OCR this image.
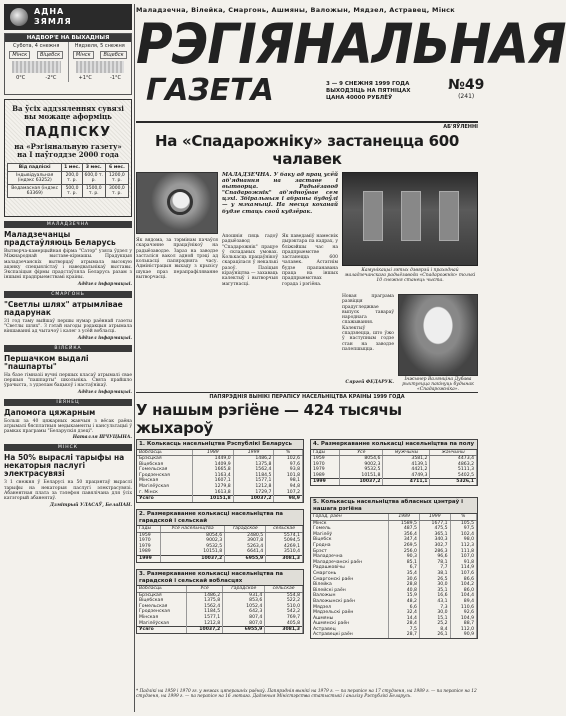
АДНА
ЗЯМЛЯ
НАДВОР'Е НА ВЫХАДНЫЯ
Субота, 4 снежня
Мінск	Віцебск
0°С	-2°С
Нядзеля, 5 снежня
Мінск	Віцебск
+1°С	-1°С
Ва ўсіх аддзяленнях сувязі
вы можаце аформіць
ПАДПІСКУ
на «Рэгіянальную газету»
на I паўгоддзе 2000 года
Від падпіскі	1 мес.	3 мес.	6 мес.
Індывідуальная (індэкс 63252)	200,0 т. р.	600,0 т. р.	1200,0 т. р.
Ведамасная (індэкс 63369)	500,0 т. р.	1500,0 т. р.	3000,0 т. р.
МАЛАДЗЕЧНА
Маладзечанцы прадстаўляюць Беларусь
Вытворча-камерцыйная фірма "Сатор" узяла ўдзел у Міжнароднай выставе-кірмашы. Прадукцыя маладзечанскіх вытворцаў атрымала высокую ацэнку спецыялістаў і наведвальнікаў выставы. Экспазіцыя фірмы прадстаўляла Беларусь разам з іншымі прадпрыемствамі краіны.
Аддзел інфармацыі.
СМАРГОНЬ
"Светлы шлях" атрымлівае падарунак
31 год таму выйшаў першы нумар раённай газеты "Светлы шлях". З гэтай нагоды рэдакцыя атрымала віншаванні ад чытачоў і калег з усёй вобласці.
Аддзел інфармацыі.
ВІЛЕЙКА
Першачком выдалі "пашпарты"
На базе гімназіі вучні першых класаў атрымалі свае першыя "пашпарты" школьніка. Свята прайшло ўрачыста, з удзелам бацькоў і настаўнікаў.
Аддзел інфармацыі.
ІВЯНЕЦ
Дапомога цяжарным
Больш за 40 цяжарных жанчын з вёсак раёна атрымалі бясплатныя медыкаменты і кансультацыі ў рамках праграмы "Беларускія дзеці".
Наталля ШЧУЦЫНА.
МІНСК
На 50% выраслі тарыфы на некаторыя паслугі электрасувязі
З 1 снежня ў Беларусі на 50 працэнтаў выраслі тарыфы на некаторыя паслугі электрасувязі. Абанентная плата за тэлефон павялічана для ўсіх катэгорый абанентаў.
Дзмітрый УЛАСАЎ, БелаПАН.
Маладзечна, Вілейка, Смаргонь, Ашмяны, Валожын, Мядзел, Астравец, Мінск
РЭГІЯНАЛЬНАЯ
ГАЗЕТА	3 — 9 СНЕЖНЯ 1999 ГОДА
ВЫХОДЗІЦЬ НА ПЯТНІЦАХ
ЦАНА 40000 РУБЛЁЎ
№49
(241)
АБ'ЯЎЛЕННІ
На «Спадарожніку» застанецца 600 чалавек
МАЛАДЗЕЧНА. У баку ад прац усёй аб'яднання на заставе і вытворца. Радыёзавод "Спадарожнік" аб'ядноўвае сем цэхі. Збіральныя і абраны будоўлі — у мэхамыці. На месца коханай будзе стаць свой кудзёрак.
Як вядома, за тэрмінам пачаўся скарачэнне працаўнікоў на радыёзаводзе. Зараз на заводзе засталіся вакол адной трэці ад колькасці папярэдняга часу. Адміністрацыя выхаду з крызісу шукае праз перапрафіляванне вытворчасці.
Апошнія пяць гадоў радыёзавод "Спадарожнік" працуе ў складаных умовах. Колькасць працаўнікоў скарацілася ў некалькі разоў. Пазіцыя кіраўніцтва — захаваць калектыў і вытворчыя магутнасці.
Як паведаміў намеснік дырэктара па кадрах, у бліжэйшы час на прадпрыемстве застанецца 600 чалавек. Астатнім будзе прапанавана праца на іншых прадпрыемствах горада і рэгіёна.
Камунікацыі гэтых дзвярэй і праходнай маладзечанскага радыёзавода «Спадарожнік» толькі 10 снежня станець чыста.
Новая праграма развіцця прадугледжвае выпуск тавараў народнага спажывання. Калектыў спадзяецца, што ўжо ў наступным годзе стан на заводзе палепшыцца.
Сяргей ФЕДАРУК.
Інжынер Валянціна Дубава рыхтуецца пакінуць будынак «Спадарожніка».
ПАПЯРЭДНІЯ ВЫНІКІ ПЕРАПІСУ НАСЕЛЬНІЦТВА КРАІНЫ 1999 ГОДА
У нашым рэгіёне — 424 тысячы жыхароў
1. Колькасць насельніцтва Рэспублікі Беларусь
Вобласць	1989	1999	%
Брэсцкая	1449,0	1486,2	102,6
Віцебская	1409,9	1375,8	97,6
Гомельская	1665,8	1562,4	93,8
Гродзенская	1163,4	1184,5	101,8
Мінская	1607,1	1577,1	98,1
Магілёўская	1279,8	1212,8	94,8
г. Мінск	1613,8	1729,7	107,2
Усяго	10151,8	10037,2	98,9
2. Размеркаванне колькасці насельніцтва па гарадской і сельскай
Гады	Усё насельніцтва	гарадское	сельскае
1959	8054,6	2480,5	5574,1
1970	9002,3	3907,8	5094,5
1979	9532,5	5263,4	4269,1
1989	10151,8	6641,4	3510,4
1999	10037,2	6955,9	3081,3
3. Размеркаванне колькасці насельніцтва па гарадской і сельскай вобласцях
Вобласць	Усё	гарадское	сельскае
Брэсцкая	1486,2	931,4	554,8
Віцебская	1375,8	853,6	522,2
Гомельская	1562,4	1052,4	510,0
Гродзенская	1184,5	642,3	542,2
Мінская	1577,1	807,4	769,7
Магілёўская	1212,8	807,0	405,8
Усяго	10037,2	6955,9	3081,3
4. Размеркаванне колькасці насельніцтва па полу
Гады	Усё	мужчыны	жанчыны
1959	8054,6	3581,2	4473,4
1970	9002,3	4139,1	4863,2
1979	9532,5	4421,2	5111,3
1989	10151,8	4749,3	5402,5
1999	10037,2	4711,1	5326,1
5. Колькасць насельніцтва абласных цэнтраў і нашага рэгіёна
Горад, раён	1989	1999	%
Мінск	1589,5	1677,1	105,5
Гомель	487,5	475,5	97,5
Магілёў	356,4	365,1	102,4
Віцебск	347,4	340,3	98,0
Гродна	269,5	302,7	112,3
Брэст	256,0	286,3	111,8
Маладзечна	90,3	96,6	107,0
Маладзечанскі раён	85,1	78,1	91,8
Радашковічы	6,7	7,7	114,9
Смаргонь	35,4	38,1	107,6
Смаргонскі раён	30,6	26,5	86,6
Вілейка	28,8	30,0	104,2
Вілейскі раён	40,8	35,1	86,0
Валожын	15,9	16,6	104,4
Валожынскі раён	48,2	43,1	89,4
Мядзел	6,6	7,3	110,6
Мядзельскі раён	32,4	30,0	92,6
Ашмяны	14,4	15,1	104,9
Ашмянскі раён	28,4	25,2	88,7
Астравец	7,5	8,4	112,0
Астравецкі раён	28,7	26,1	90,9
* Падлікі на 1959 і 1970 гг. у межах цяперашніх раёнаў. Папярэднія вынікі на 1979 г. — па перапісе на 17 студзеня, на 1989 г. — па перапісе на 12 студзеня, на 1999 г. — па перапісе на 16 лютага. Дадзеныя Міністэрства статыстыкі і аналізу Рэспублікі Беларусь.
